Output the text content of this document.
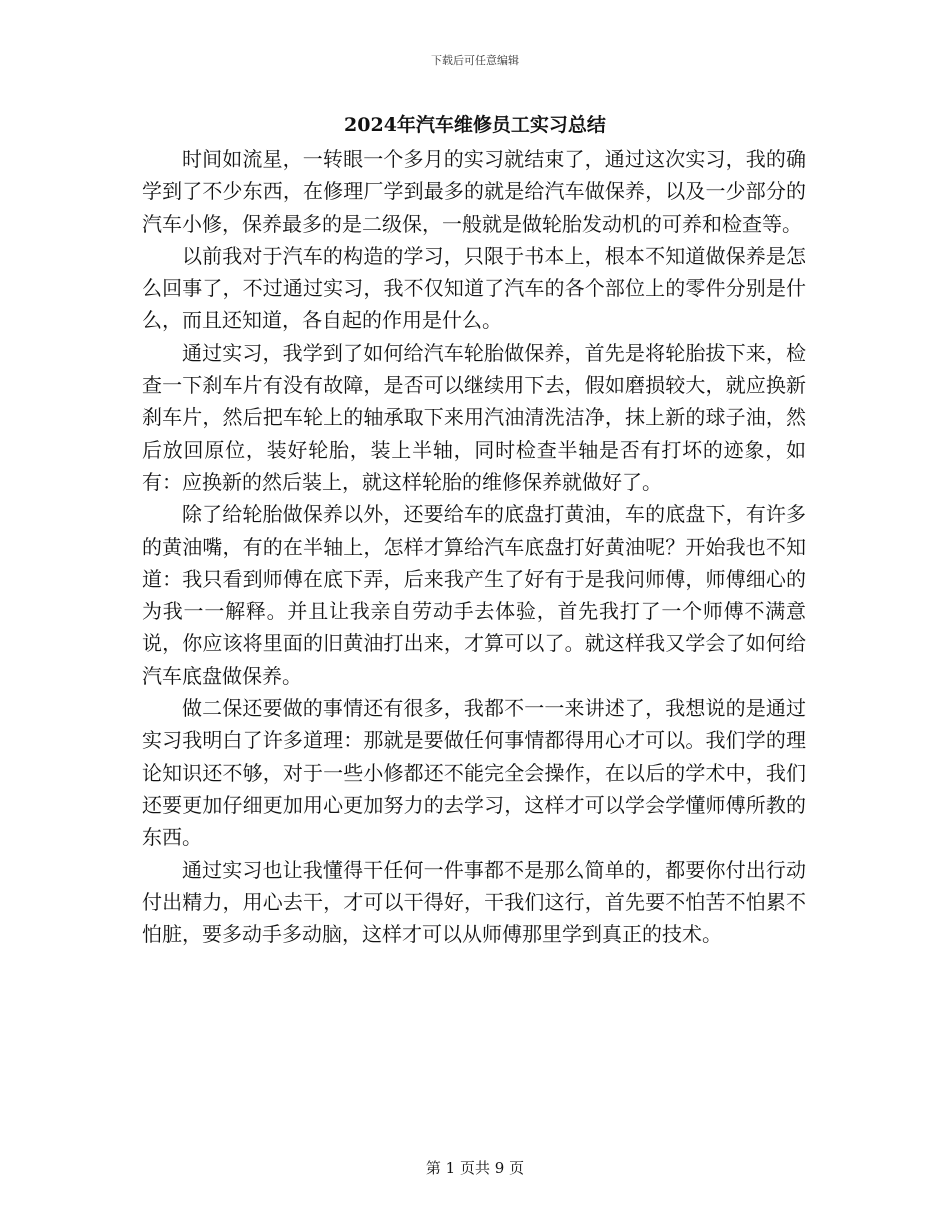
下载后可任意编辑
2024年汽车维修员工实习总结

时间如流星，一转眼一个多月的实习就结束了，通过这次实习，我的确学到了不少东西，在修理厂学到最多的就是给汽车做保养，以及一少部分的汽车小修，保养最多的是二级保，一般就是做轮胎发动机的可养和检查等。

以前我对于汽车的构造的学习，只限于书本上，根本不知道做保养是怎么回事了，不过通过实习，我不仅知道了汽车的各个部位上的零件分别是什么，而且还知道，各自起的作用是什么。

通过实习，我学到了如何给汽车轮胎做保养，首先是将轮胎拔下来，检查一下刹车片有没有故障，是否可以继续用下去，假如磨损较大，就应换新刹车片，然后把车轮上的轴承取下来用汽油清洗洁净，抹上新的球子油，然后放回原位，装好轮胎，装上半轴，同时检查半轴是否有打坏的迹象，如有：应换新的然后装上，就这样轮胎的维修保养就做好了。

除了给轮胎做保养以外，还要给车的底盘打黄油，车的底盘下，有许多的黄油嘴，有的在半轴上，怎样才算给汽车底盘打好黄油呢？开始我也不知道：我只看到师傅在底下弄，后来我产生了好有于是我问师傅，师傅细心的为我一一解释。并且让我亲自劳动手去体验，首先我打了一个师傅不满意说，你应该将里面的旧黄油打出来，才算可以了。就这样我又学会了如何给汽车底盘做保养。

做二保还要做的事情还有很多，我都不一一来讲述了，我想说的是通过实习我明白了许多道理：那就是要做任何事情都得用心才可以。我们学的理论知识还不够，对于一些小修都还不能完全会操作，在以后的学术中，我们还要更加仔细更加用心更加努力的去学习，这样才可以学会学懂师傅所教的东西。

通过实习也让我懂得干任何一件事都不是那么简单的，都要你付出行动付出精力，用心去干，才可以干得好，干我们这行，首先要不怕苦不怕累不怕脏，要多动手多动脑，这样才可以从师傅那里学到真正的技术。

第 1 页共 9 页
